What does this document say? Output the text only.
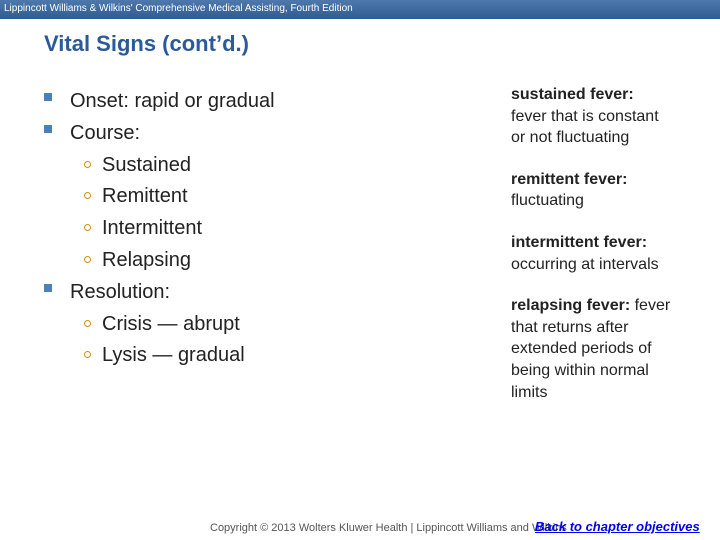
Lippincott Williams & Wilkins' Comprehensive Medical Assisting, Fourth Edition
Vital Signs (cont’d.)
Onset: rapid or gradual
Course:
Sustained
Remittent
Intermittent
Relapsing
Resolution:
Crisis — abrupt
Lysis — gradual
sustained fever: fever that is constant or not fluctuating
remittent fever: fluctuating
intermittent fever: occurring at intervals
relapsing fever: fever that returns after extended periods of being within normal limits
Copyright © 2013 Wolters Kluwer Health | Lippincott Williams and Wilkins
Back to chapter objectives
